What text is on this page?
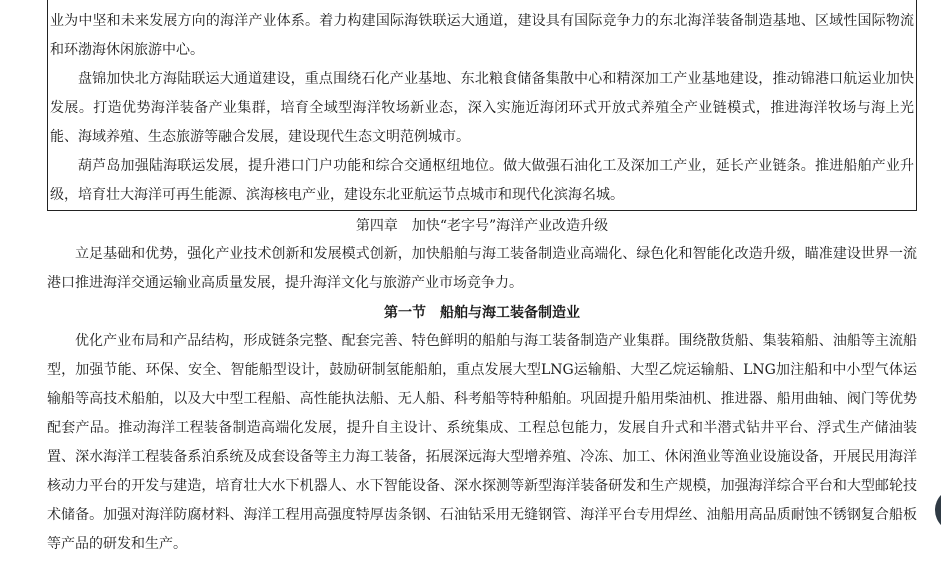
业为中坚和未来发展方向的海洋产业体系。着力构建国际海铁联运大通道，建设具有国际竞争力的东北海洋装备制造基地、区域性国际物流和环渤海休闲旅游中心。

盘锦加快北方海陆联运大通道建设，重点围绕石化产业基地、东北粮食储备集散中心和精深加工产业基地建设，推动锦港口航运业加快发展。打造优势海洋装备产业集群，培育全域型海洋牧场新业态，深入实施近海闭环式开放式养殖全产业链模式，推进海洋牧场与海上光能、海域养殖、生态旅游等融合发展，建设现代生态文明范例城市。

葫芦岛加强陆海联运发展，提升港口门户功能和综合交通枢纽地位。做大做强石油化工及深加工产业，延长产业链条。推进船舶产业升级，培育壮大海洋可再生能源、滨海核电产业，建设东北亚航运节点城市和现代化滨海名城。

第四章　加快“老字号”海洋产业改造升级

立足基础和优势，强化产业技术创新和发展模式创新，加快船舶与海工装备制造业高端化、绿色化和智能化改造升级，瞄准建设世界一流港口推进海洋交通运输业高质量发展，提升海洋文化与旅游产业市场竞争力。

第一节　船舶与海工装备制造业

优化产业布局和产品结构，形成链条完整、配套完善、特色鲜明的船舶与海工装备制造产业集群。围绕散货船、集装箱船、油船等主流船型，加强节能、环保、安全、智能船型设计，鼓励研制氢能船舶，重点发展大型LNG运输船、大型乙烷运输船、LNG加注船和中小型气体运输船等高技术船舶，以及大中型工程船、高性能执法船、无人船、科考船等特种船舶。巩固提升船用柴油机、推进器、船用曲轴、阀门等优势配套产品。推动海洋工程装备制造高端化发展，提升自主设计、系统集成、工程总包能力，发展自升式和半潜式钻井平台、浮式生产储油装置、深水海洋工程装备系泊系统及成套设备等主力海工装备，拓展深远海大型增养殖、冷冻、加工、休闲渔业等渔业设施设备，开展民用海洋核动力平台的开发与建造，培育壮大水下机器人、水下智能设备、深水探测等新型海洋装备研发和生产规模，加强海洋综合平台和大型邮轮技术储备。加强对海洋防腐材料、海洋工程用高强度特厚齿条钢、石油钻采用无缝钢管、海洋平台专用焊丝、油船用高品质耐蚀不锈钢复合船板等产品的研发和生产。
